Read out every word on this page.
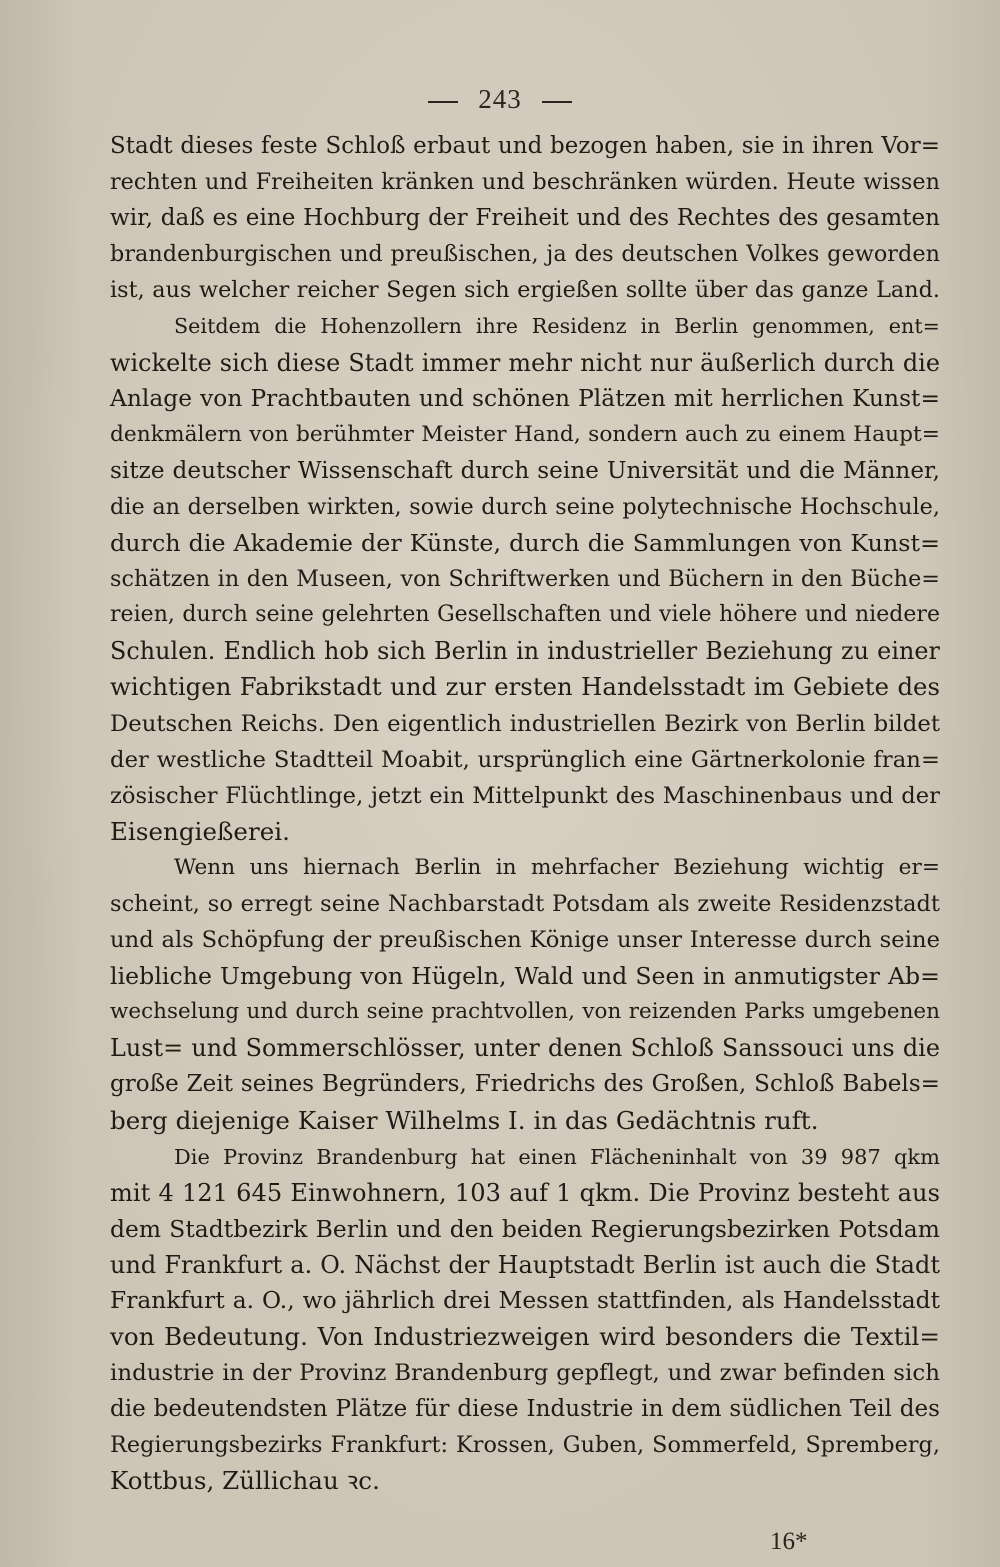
243

Stadt dieses feste Schloß erbaut und bezogen haben, sie in ihren Vor=
rechten und Freiheiten kränken und beschränken würden. Heute wissen
wir, daß es eine Hochburg der Freiheit und des Rechtes des gesamten
brandenburgischen und preußischen, ja des deutschen Volkes geworden
ist, aus welcher reicher Segen sich ergießen sollte über das ganze Land.

Seitdem die Hohenzollern ihre Residenz in Berlin genommen, ent=
wickelte sich diese Stadt immer mehr nicht nur äußerlich durch die
Anlage von Prachtbauten und schönen Plätzen mit herrlichen Kunst=
denkmälern von berühmter Meister Hand, sondern auch zu einem Haupt=
sitze deutscher Wissenschaft durch seine Universität und die Männer,
die an derselben wirkten, sowie durch seine polytechnische Hochschule,
durch die Akademie der Künste, durch die Sammlungen von Kunst=
schätzen in den Museen, von Schriftwerken und Büchern in den Büche=
reien, durch seine gelehrten Gesellschaften und viele höhere und niedere
Schulen. Endlich hob sich Berlin in industrieller Beziehung zu einer
wichtigen Fabrikstadt und zur ersten Handelsstadt im Gebiete des
Deutschen Reichs. Den eigentlich industriellen Bezirk von Berlin bildet
der westliche Stadtteil Moabit, ursprünglich eine Gärtnerkolonie fran=
zösischer Flüchtlinge, jetzt ein Mittelpunkt des Maschinenbaus und der
Eisengießerei.

Wenn uns hiernach Berlin in mehrfacher Beziehung wichtig er=
scheint, so erregt seine Nachbarstadt Potsdam als zweite Residenzstadt
und als Schöpfung der preußischen Könige unser Interesse durch seine
liebliche Umgebung von Hügeln, Wald und Seen in anmutigster Ab=
wechselung und durch seine prachtvollen, von reizenden Parks umgebenen
Lust= und Sommerschlösser, unter denen Schloß Sanssouci uns die
große Zeit seines Begründers, Friedrichs des Großen, Schloß Babels=
berg diejenige Kaiser Wilhelms I. in das Gedächtnis ruft.

Die Provinz Brandenburg hat einen Flächeninhalt von 39 987 qkm
mit 4 121 645 Einwohnern, 103 auf 1 qkm. Die Provinz besteht aus
dem Stadtbezirk Berlin und den beiden Regierungsbezirken Potsdam
und Frankfurt a. O. Nächst der Hauptstadt Berlin ist auch die Stadt
Frankfurt a. O., wo jährlich drei Messen stattfinden, als Handelsstadt
von Bedeutung. Von Industriezweigen wird besonders die Textil=
industrie in der Provinz Brandenburg gepflegt, und zwar befinden sich
die bedeutendsten Plätze für diese Industrie in dem südlichen Teil des
Regierungsbezirks Frankfurt: Krossen, Guben, Sommerfeld, Spremberg,
Kottbus, Züllichau ꝛc.

16*
